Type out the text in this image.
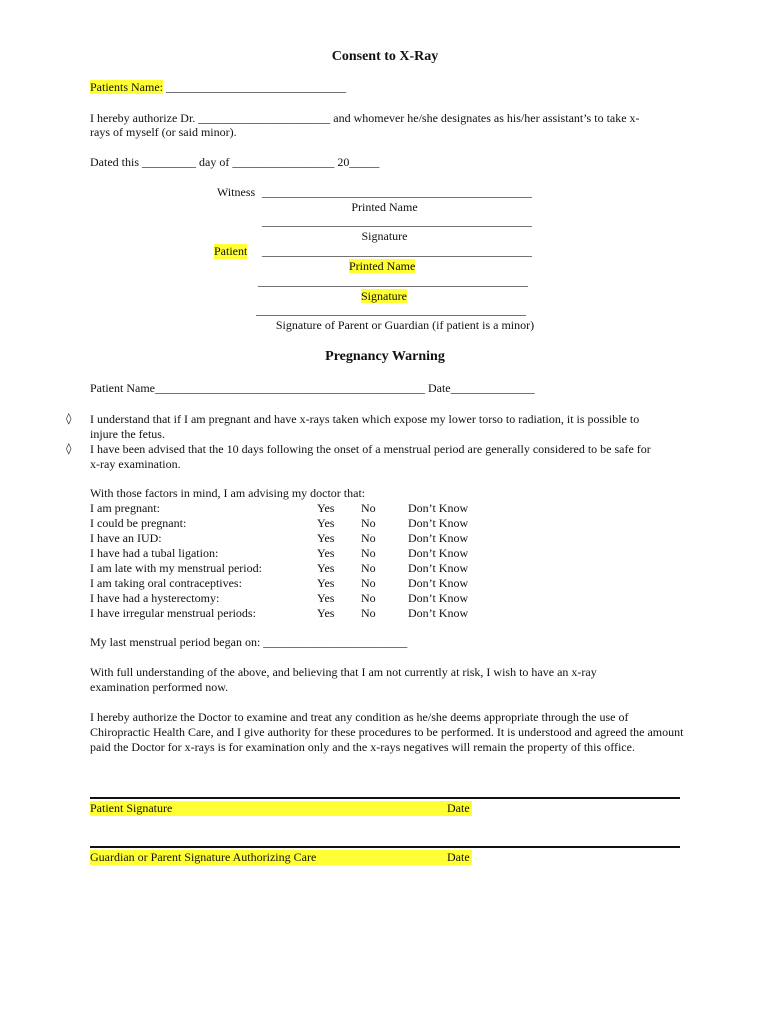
Consent to X-Ray
Patients Name: ______________________________
I hereby authorize Dr. ______________________ and whomever he/she designates as his/her assistant’s to take x-
rays of myself (or said minor).
Dated this _________ day of _________________ 20_____
Witness _____________________________________________
Printed Name
_____________________________________________
Signature
Patient _____________________________________________
Printed Name
_____________________________________________
Signature
_____________________________________________
Signature of Parent or Guardian (if patient is a minor)
Pregnancy Warning
Patient Name_____________________________________________ Date______________
◊ I understand that if I am pregnant and have x-rays taken which expose my lower torso to radiation, it is possible to
injure the fetus.
◊ I have been advised that the 10 days following the onset of a menstrual period are generally considered to be safe for
x-ray examination.
With those factors in mind, I am advising my doctor that:
I am pregnant:	Yes No	Don’t Know
I could be pregnant:	Yes No	Don’t Know
I have an IUD:	Yes No	Don’t Know
I have had a tubal ligation:	Yes No	Don’t Know
I am late with my menstrual period:	Yes No	Don’t Know
I am taking oral contraceptives:	Yes No	Don’t Know
I have had a hysterectomy:	Yes No	Don’t Know
I have irregular menstrual periods:	Yes No	Don’t Know
My last menstrual period began on: ________________________
With full understanding of the above, and believing that I am not currently at risk, I wish to have an x-ray
examination performed now.
I hereby authorize the Doctor to examine and treat any condition as he/she deems appropriate through the use of Chiropractic Health Care, and I give authority for these procedures to be performed. It is understood and agreed the amount paid the Doctor for x-rays is for examination only and the x-rays negatives will remain the property of this office.
Patient Signature	Date
Guardian or Parent Signature Authorizing Care	Date
